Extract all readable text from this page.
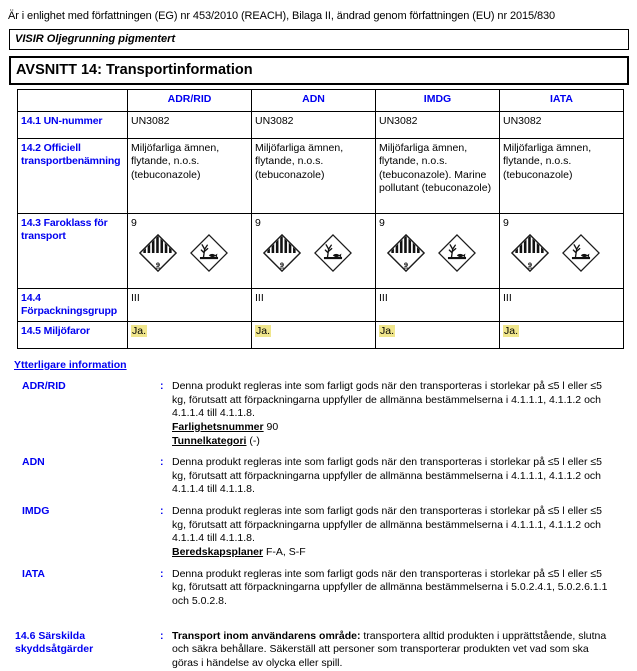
Är i enlighet med författningen (EG) nr 453/2010 (REACH), Bilaga II, ändrad genom författningen (EU) nr 2015/830
VISIR Oljegrunning pigmentert
AVSNITT 14: Transportinformation
	ADR/RID	ADN	IMDG	IATA
14.1 UN-nummer	UN3082	UN3082	UN3082	UN3082
14.2 Officiell transportbenämning	Miljöfarliga ämnen, flytande, n.o.s. (tebuconazole)	Miljöfarliga ämnen, flytande, n.o.s. (tebuconazole)	Miljöfarliga ämnen, flytande, n.o.s. (tebuconazole). Marine pollutant (tebuconazole)	Miljöfarliga ämnen, flytande, n.o.s. (tebuconazole)
14.3 Faroklass för transport	9	9	9	9

14.4 Förpackningsgrupp	III	III	III	III
14.5 Miljöfaror	Ja.	Ja.	Ja.	Ja.
Ytterligare information
ADR/RID	: Denna produkt regleras inte som farligt gods när den transporteras i storlekar på ≤5 l eller ≤5 kg, förutsatt att förpackningarna uppfyller de allmänna bestämmelserna i 4.1.1.1, 4.1.1.2 och 4.1.1.4 till 4.1.1.8.
Farlighetsnummer 90
Tunnelkategori (-)
ADN	: Denna produkt regleras inte som farligt gods när den transporteras i storlekar på ≤5 l eller ≤5 kg, förutsatt att förpackningarna uppfyller de allmänna bestämmelserna i 4.1.1.1, 4.1.1.2 och 4.1.1.4 till 4.1.1.8.
IMDG	: Denna produkt regleras inte som farligt gods när den transporteras i storlekar på ≤5 l eller ≤5 kg, förutsatt att förpackningarna uppfyller de allmänna bestämmelserna i 4.1.1.1, 4.1.1.2 och 4.1.1.4 till 4.1.1.8.
Beredskapsplaner F-A, S-F
IATA	: Denna produkt regleras inte som farligt gods när den transporteras i storlekar på ≤5 l eller ≤5 kg, förutsatt att förpackningarna uppfyller de allmänna bestämmelserna i 5.0.2.4.1, 5.0.2.6.1.1 och 5.0.2.8.
14.6 Särskilda skyddsåtgärder
: Transport inom användarens område: transportera alltid produkten i upprättstående, slutna och säkra behållare. Säkerställ att personer som transporterar produkten vet vad som ska göras i händelse av olycka eller spill.
